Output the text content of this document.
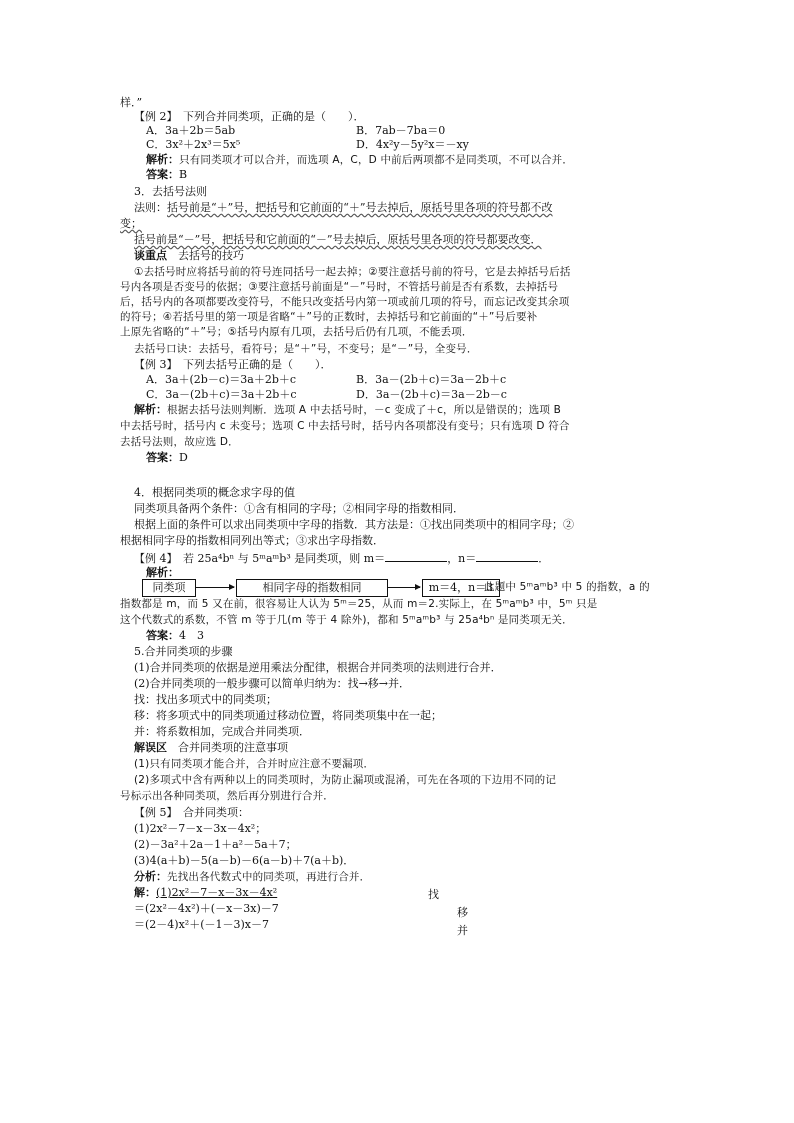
样．”
【例 2】　下列合并同类项，正确的是（　　）．
A．3a＋2b＝5ab	B．7ab－7ba＝0
C．3x²＋2x³＝5x⁵	D．4x²y－5y²x＝－xy
解析：只有同类项才可以合并，而选项 A，C，D 中前后两项都不是同类项，不可以合并．
答案：B
3．去括号法则
法则：括号前是“＋”号，把括号和它前面的“＋”号去掉后，原括号里各项的符号都不改
变；
括号前是“－”号，把括号和它前面的“－”号去掉后，原括号里各项的符号都要改变．
谈重点　去括号的技巧
①去括号时应将括号前的符号连同括号一起去掉；②要注意括号前的符号，它是去掉括号后括
号内各项是否变号的依据；③要注意括号前面是“－”号时，不管括号前是否有系数，去掉括号
后，括号内的各项都要改变符号，不能只改变括号内第一项或前几项的符号，而忘记改变其余项
的符号；④若括号里的第一项是省略“＋”号的正数时，去掉括号和它前面的“＋”号后要补
上原先省略的“＋”号；⑤括号内原有几项，去括号后仍有几项，不能丢项．
去括号口诀：去括号，看符号；是“＋”号，不变号；是“－”号，全变号．
【例 3】　下列去括号正确的是（　　）．
A．3a＋(2b－c)＝3a＋2b＋c	B．3a－(2b＋c)＝3a－2b＋c
C．3a－(2b＋c)＝3a＋2b＋c	D．3a－(2b＋c)＝3a－2b－c
解析：根据去括号法则判断．选项 A 中去括号时，－c 变成了＋c，所以是错误的；选项 B
中去括号时，括号内 c 未变号；选项 C 中去括号时，括号内各项都没有变号；只有选项 D 符合
去括号法则，故应选 D．
答案：D
4．根据同类项的概念求字母的值
同类项具备两个条件：①含有相同的字母；②相同字母的指数相同．
根据上面的条件可以求出同类项中字母的指数．其方法是：①找出同类项中的相同字母；②
根据相同字母的指数相同列出等式；③求出字母指数．
【例 4】　若 25a⁴bⁿ 与 5ᵐaᵐb³ 是同类项，则 m＝	，n＝	．
解析：
同类项	相同字母的指数相同	m＝4，n＝3
此题中 5ᵐaᵐb³ 中 5 的指数，a 的
指数都是 m，而 5 又在前，很容易让人认为 5ᵐ＝25，从而 m＝2.实际上，在 5ᵐaᵐb³ 中，5ᵐ 只是
这个代数式的系数，不管 m 等于几(m 等于 4 除外)，都和 5ᵐaᵐb³ 与 25a⁴bⁿ 是同类项无关．
答案：4　3
5.合并同类项的步骤
(1)合并同类项的依据是逆用乘法分配律，根据合并同类项的法则进行合并．
(2)合并同类项的一般步骤可以简单归纳为：找→移→并．
找：找出多项式中的同类项；
移：将多项式中的同类项通过移动位置，将同类项集中在一起；
并：将系数相加，完成合并同类项．
解误区　合并同类项的注意事项
(1)只有同类项才能合并，合并时应注意不要漏项．
(2)多项式中含有两种以上的同类项时，为防止漏项或混淆，可先在各项的下边用不同的记
号标示出各种同类项，然后再分别进行合并．
【例 5】　合并同类项：
(1)2x²－7－x－3x－4x²；
(2)－3a²＋2a－1＋a²－5a＋7；
(3)4(a＋b)－5(a－b)－6(a－b)＋7(a＋b)．
分析：先找出各代数式中的同类项，再进行合并．
解：(1)2x²－7－x－3x－4x²	找
＝(2x²－4x²)＋(－x－3x)－7	移
＝(2－4)x²＋(－1－3)x－7	并
